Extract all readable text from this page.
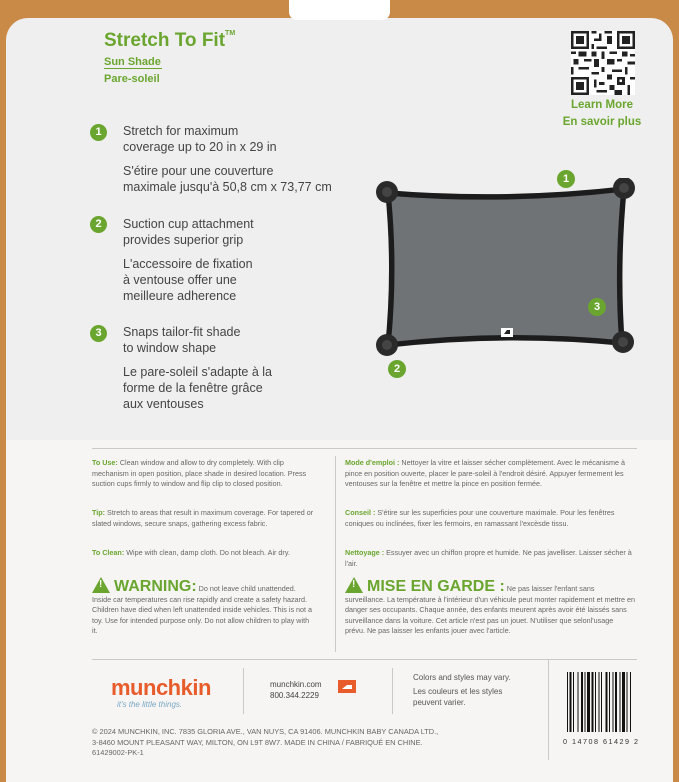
Stretch To Fit™
Sun Shade
Pare-soleil
Learn More
En savoir plus
1	Stretch for maximum
coverage up to 20 in x 29 in
S'étire pour une couverture
maximale jusqu'à 50,8 cm x 73,77 cm
2	Suction cup attachment
provides superior grip
L'accessoire de fixation
à ventouse offer une
meilleure adherence
3	Snaps tailor-fit shade
to window shape
Le pare-soleil s'adapte à la
forme de la fenêtre grâce
aux ventouses
1
2
3
To Use: Clean window and allow to dry completely. With clip mechanism in open position, place shade in desired location. Press suction cups firmly to window and flip clip to closed position.
Tip: Stretch to areas that result in maximum coverage. For tapered or slated windows, secure snaps, gathering excess fabric.
To Clean: Wipe with clean, damp cloth. Do not bleach. Air dry.
! WARNING: Do not leave child unattended. Inside car temperatures can rise rapidly and create a safety hazard. Children have died when left unattended inside vehicles. This is not a toy. Use for intended purpose only. Do not allow children to play with it.
Mode d'emploi : Nettoyer la vitre et laisser sécher complètement. Avec le mécanisme à pince en position ouverte, placer le pare-soleil à l'endroit désiré. Appuyer fermement les ventouses sur la fenêtre et mettre la pince en position fermée.
Conseil : S'étire sur les superficies pour une couverture maximale. Pour les fenêtres coniques ou inclinées, fixer les fermoirs, en ramassant l'excèsde tissu.
Nettoyage : Essuyer avec un chiffon propre et humide. Ne pas javelliser. Laisser sécher à l'air.
! MISE EN GARDE : Ne pas laisser l'enfant sans surveillance. La température à l'intérieur d'un véhicule peut monter rapidement et mettre en danger ses occupants. Chaque année, des enfants meurent après avoir été laissés sans surveillance dans la voiture. Cet article n'est pas un jouet. N'utiliser que selonl'usage prévu. Ne pas laisser les enfants jouer avec l'article.
munchkin
it's the little things.
munchkin.com
800.344.2229
Colors and styles may vary.
Les couleurs et les styles peuvent varier.
© 2024 MUNCHKIN, INC. 7835 GLORIA AVE., VAN NUYS, CA 91406. MUNCHKIN BABY CANADA LTD.,
3-8460 MOUNT PLEASANT WAY, MILTON, ON L9T 8W7. MADE IN CHINA / FABRIQUÉ EN CHINE.
61429002-PK-1
0 14708 61429 2
